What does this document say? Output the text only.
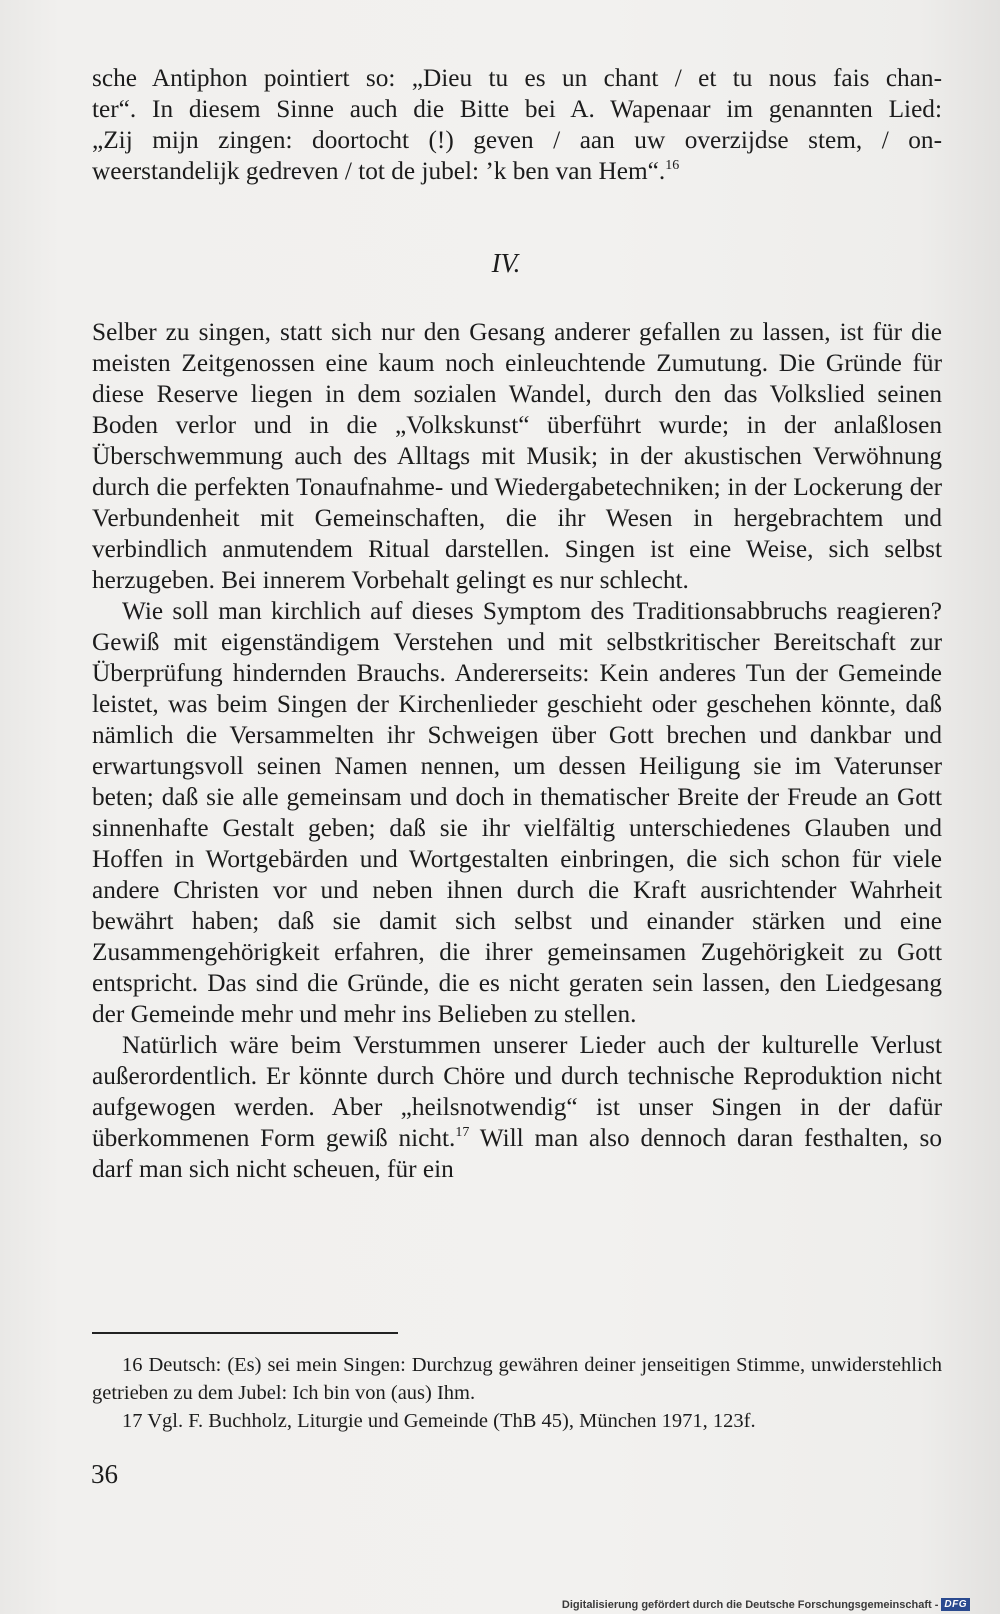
sche Antiphon pointiert so: „Dieu tu es un chant / et tu nous fais chan-

ter“. In diesem Sinne auch die Bitte bei A. Wapenaar im genannten Lied:

„Zij mijn zingen: doortocht (!) geven / aan uw overzijdse stem, / on-

weerstandelijk gedreven / tot de jubel: ’k ben van Hem“.$^{16}$

IV.

Selber zu singen, statt sich nur den Gesang anderer gefallen zu lassen, ist für die meisten Zeitgenossen eine kaum noch einleuchtende Zumutung. Die Gründe für diese Reserve liegen in dem sozialen Wandel, durch den das Volkslied seinen Boden verlor und in die „Volkskunst“ überführt wurde; in der anlaßlosen Überschwemmung auch des Alltags mit Musik; in der akustischen Verwöhnung durch die perfekten Tonaufnahme- und Wiedergabetechniken; in der Lockerung der Verbundenheit mit Gemeinschaften, die ihr Wesen in hergebrachtem und verbindlich anmutendem Ritual darstellen. Singen ist eine Weise, sich selbst herzugeben. Bei innerem Vorbehalt gelingt es nur schlecht.

Wie soll man kirchlich auf dieses Symptom des Traditionsabbruchs reagieren? Gewiß mit eigenständigem Verstehen und mit selbstkritischer Bereitschaft zur Überprüfung hindernden Brauchs. Andererseits: Kein anderes Tun der Gemeinde leistet, was beim Singen der Kirchenlieder geschieht oder geschehen könnte, daß nämlich die Versammelten ihr Schweigen über Gott brechen und dankbar und erwartungsvoll seinen Namen nennen, um dessen Heiligung sie im Vaterunser beten; daß sie alle gemeinsam und doch in thematischer Breite der Freude an Gott sinnenhafte Gestalt geben; daß sie ihr vielfältig unterschiedenes Glauben und Hoffen in Wortgebärden und Wortgestalten einbringen, die sich schon für viele andere Christen vor und neben ihnen durch die Kraft ausrichtender Wahrheit bewährt haben; daß sie damit sich selbst und einander stärken und eine Zusammengehörigkeit erfahren, die ihrer gemeinsamen Zugehörigkeit zu Gott entspricht. Das sind die Gründe, die es nicht geraten sein lassen, den Liedgesang der Gemeinde mehr und mehr ins Belieben zu stellen.

Natürlich wäre beim Verstummen unserer Lieder auch der kulturelle Verlust außerordentlich. Er könnte durch Chöre und durch technische Reproduktion nicht aufgewogen werden. Aber „heilsnotwendig“ ist unser Singen in der dafür überkommenen Form gewiß nicht.$^{17}$ Will man also dennoch daran festhalten, so darf man sich nicht scheuen, für ein

16 Deutsch: (Es) sei mein Singen: Durchzug gewähren deiner jenseitigen Stimme, unwiderstehlich getrieben zu dem Jubel: Ich bin von (aus) Ihm.

17 Vgl. F. Buchholz, Liturgie und Gemeinde (ThB 45), München 1971, 123f.

36
Digitalisierung gefördert durch die Deutsche Forschungsgemeinschaft - DFG
